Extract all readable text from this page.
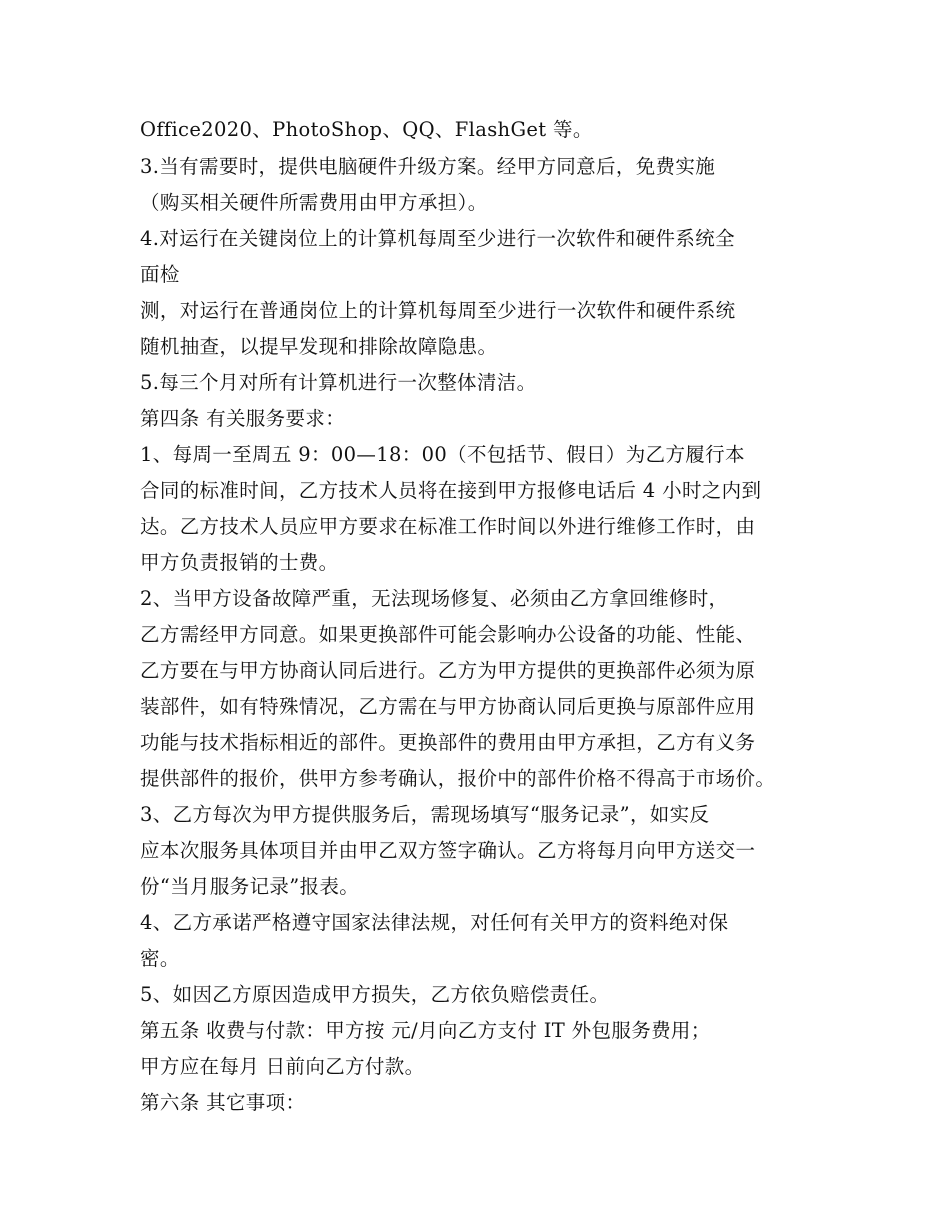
Office2020、PhotoShop、QQ、FlashGet 等。
3.当有需要时，提供电脑硬件升级方案。经甲方同意后，免费实施
（购买相关硬件所需费用由甲方承担）。
4.对运行在关键岗位上的计算机每周至少进行一次软件和硬件系统全
面检
测，对运行在普通岗位上的计算机每周至少进行一次软件和硬件系统
随机抽查，以提早发现和排除故障隐患。
5.每三个月对所有计算机进行一次整体清洁。
第四条 有关服务要求：
1、每周一至周五 9：00—18：00（不包括节、假日）为乙方履行本
合同的标准时间，乙方技术人员将在接到甲方报修电话后 4 小时之内到
达。乙方技术人员应甲方要求在标准工作时间以外进行维修工作时，由
甲方负责报销的士费。
2、当甲方设备故障严重，无法现场修复、必须由乙方拿回维修时，
乙方需经甲方同意。如果更换部件可能会影响办公设备的功能、性能、
乙方要在与甲方协商认同后进行。乙方为甲方提供的更换部件必须为原
装部件，如有特殊情况，乙方需在与甲方协商认同后更换与原部件应用
功能与技术指标相近的部件。更换部件的费用由甲方承担，乙方有义务
提供部件的报价，供甲方参考确认，报价中的部件价格不得高于市场价。
3、乙方每次为甲方提供服务后，需现场填写“服务记录”，如实反
应本次服务具体项目并由甲乙双方签字确认。乙方将每月向甲方送交一
份“当月服务记录”报表。
4、乙方承诺严格遵守国家法律法规，对任何有关甲方的资料绝对保
密。
5、如因乙方原因造成甲方损失，乙方依负赔偿责任。
第五条 收费与付款：甲方按 元/月向乙方支付 IT 外包服务费用；
甲方应在每月 日前向乙方付款。
第六条 其它事项：
